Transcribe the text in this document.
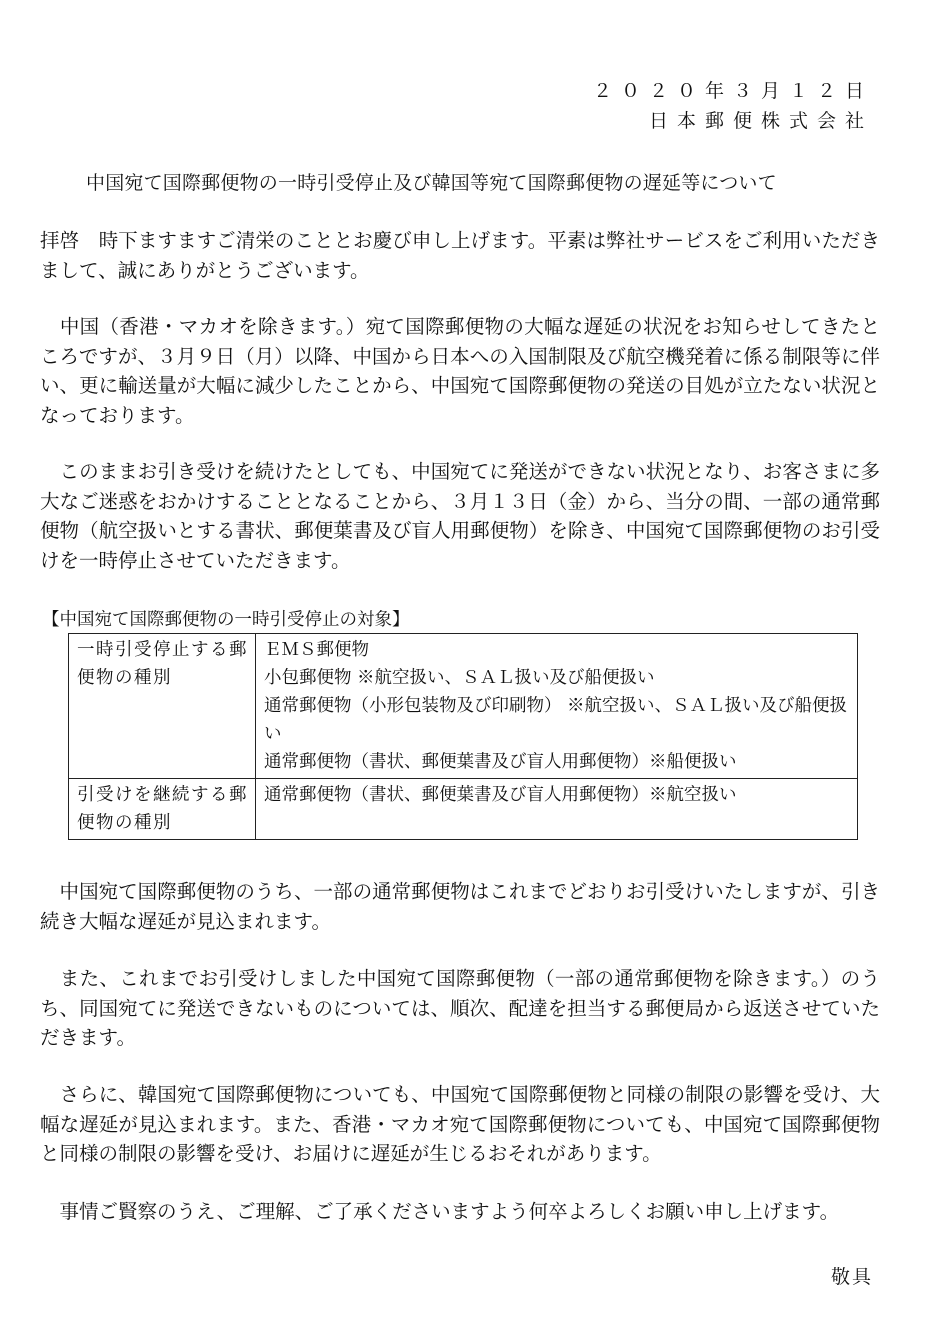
２０２０年３月１２日
日本郵便株式会社
中国宛て国際郵便物の一時引受停止及び韓国等宛て国際郵便物の遅延等について

拝啓　時下ますますご清栄のこととお慶び申し上げます。平素は弊社サービスをご利用いただきまして、誠にありがとうございます。

　中国（香港・マカオを除きます。）宛て国際郵便物の大幅な遅延の状況をお知らせしてきたところですが、３月９日（月）以降、中国から日本への入国制限及び航空機発着に係る制限等に伴い、更に輸送量が大幅に減少したことから、中国宛て国際郵便物の発送の目処が立たない状況となっております。

　このままお引き受けを続けたとしても、中国宛てに発送ができない状況となり、お客さまに多大なご迷惑をおかけすることとなることから、３月１３日（金）から、当分の間、一部の通常郵便物（航空扱いとする書状、郵便葉書及び盲人用郵便物）を除き、中国宛て国際郵便物のお引受けを一時停止させていただきます。

【中国宛て国際郵便物の一時引受停止の対象】
一時引受停止する郵便物の種別	ＥＭＳ郵便物
小包郵便物 ※航空扱い、ＳＡＬ扱い及び船便扱い
通常郵便物（小形包装物及び印刷物） ※航空扱い、ＳＡＬ扱い及び船便扱い
通常郵便物（書状、郵便葉書及び盲人用郵便物）※船便扱い

引受けを継続する郵便物の種別	通常郵便物（書状、郵便葉書及び盲人用郵便物）※航空扱い

　中国宛て国際郵便物のうち、一部の通常郵便物はこれまでどおりお引受けいたしますが、引き続き大幅な遅延が見込まれます。

　また、これまでお引受けしました中国宛て国際郵便物（一部の通常郵便物を除きます。）のうち、同国宛てに発送できないものについては、順次、配達を担当する郵便局から返送させていただきます。

　さらに、韓国宛て国際郵便物についても、中国宛て国際郵便物と同様の制限の影響を受け、大幅な遅延が見込まれます。また、香港・マカオ宛て国際郵便物についても、中国宛て国際郵便物と同様の制限の影響を受け、お届けに遅延が生じるおそれがあります。

　事情ご賢察のうえ、ご理解、ご了承くださいますよう何卒よろしくお願い申し上げます。

敬具
